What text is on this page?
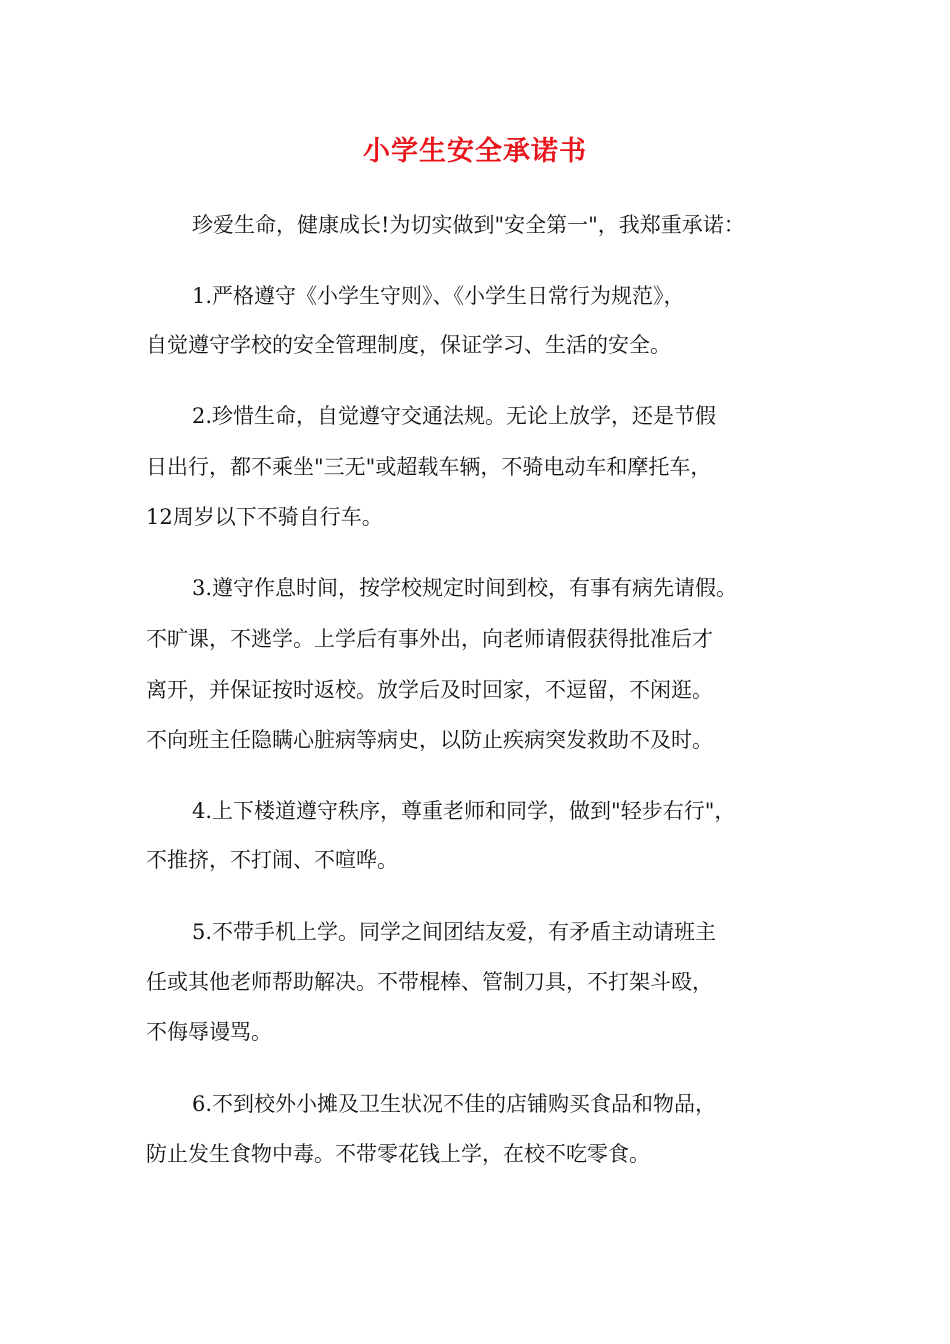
小学生安全承诺书
珍爱生命，健康成长!为切实做到"安全第一"，我郑重承诺：
1.严格遵守《小学生守则》、《小学生日常行为规范》，
自觉遵守学校的安全管理制度，保证学习、生活的安全。
2.珍惜生命，自觉遵守交通法规。无论上放学，还是节假
日出行，都不乘坐"三无"或超载车辆，不骑电动车和摩托车，
12周岁以下不骑自行车。
3.遵守作息时间，按学校规定时间到校，有事有病先请假。
不旷课，不逃学。上学后有事外出，向老师请假获得批准后才
离开，并保证按时返校。放学后及时回家，不逗留，不闲逛。
不向班主任隐瞒心脏病等病史，以防止疾病突发救助不及时。
4.上下楼道遵守秩序，尊重老师和同学，做到"轻步右行"，
不推挤，不打闹、不喧哗。
5.不带手机上学。同学之间团结友爱，有矛盾主动请班主
任或其他老师帮助解决。不带棍棒、管制刀具，不打架斗殴，
不侮辱谩骂。
6.不到校外小摊及卫生状况不佳的店铺购买食品和物品，
防止发生食物中毒。不带零花钱上学，在校不吃零食。
